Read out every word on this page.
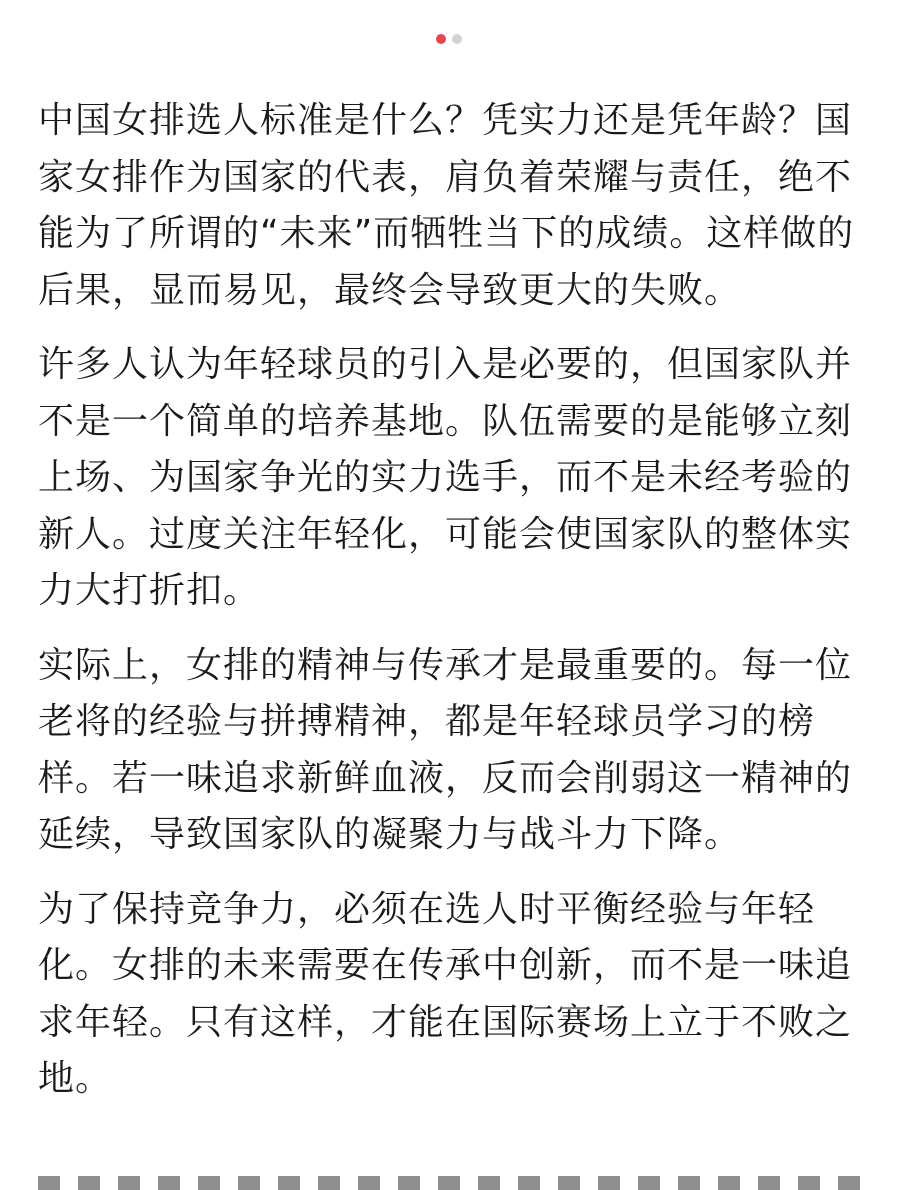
中国女排选人标准是什么？凭实力还是凭年龄？国家女排作为国家的代表，肩负着荣耀与责任，绝不能为了所谓的“未来”而牺牲当下的成绩。这样做的后果，显而易见，最终会导致更大的失败。

许多人认为年轻球员的引入是必要的，但国家队并不是一个简单的培养基地。队伍需要的是能够立刻上场、为国家争光的实力选手，而不是未经考验的新人。过度关注年轻化，可能会使国家队的整体实力大打折扣。

实际上，女排的精神与传承才是最重要的。每一位老将的经验与拼搏精神，都是年轻球员学习的榜样。若一味追求新鲜血液，反而会削弱这一精神的延续，导致国家队的凝聚力与战斗力下降。

为了保持竞争力，必须在选人时平衡经验与年轻化。女排的未来需要在传承中创新，而不是一味追求年轻。只有这样，才能在国际赛场上立于不败之地。
